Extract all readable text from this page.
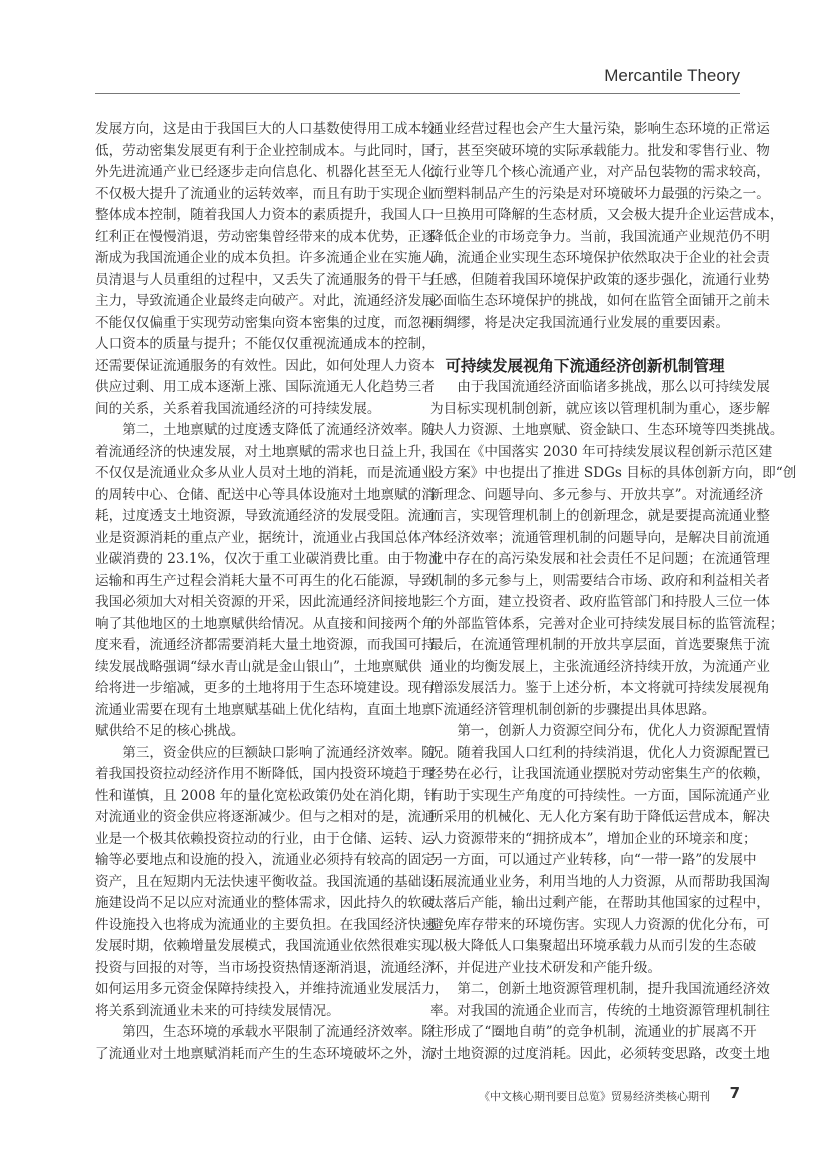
Mercantile Theory
发展方向，这是由于我国巨大的人口基数使得用工成本较
低，劳动密集发展更有利于企业控制成本。与此同时，国
外先进流通产业已经逐步走向信息化、机器化甚至无人化，
不仅极大提升了流通业的运转效率，而且有助于实现企业
整体成本控制，随着我国人力资本的素质提升，我国人口
红利正在慢慢消退，劳动密集曾经带来的成本优势，正逐
渐成为我国流通企业的成本负担。许多流通企业在实施人
员清退与人员重组的过程中，又丢失了流通服务的骨干与
主力，导致流通企业最终走向破产。对此，流通经济发展
不能仅仅偏重于实现劳动密集向资本密集的过度，而忽视
人口资本的质量与提升；不能仅仅重视流通成本的控制，
还需要保证流通服务的有效性。因此，如何处理人力资本
供应过剩、用工成本逐渐上涨、国际流通无人化趋势三者
间的关系，关系着我国流通经济的可持续发展。
第二，土地禀赋的过度透支降低了流通经济效率。随
着流通经济的快速发展，对土地禀赋的需求也日益上升，
不仅仅是流通业众多从业人员对土地的消耗，而是流通业
的周转中心、仓储、配送中心等具体设施对土地禀赋的消
耗，过度透支土地资源，导致流通经济的发展受阻。流通
业是资源消耗的重点产业，据统计，流通业占我国总体产
业碳消费的 23.1%，仅次于重工业碳消费比重。由于物流
运输和再生产过程会消耗大量不可再生的化石能源，导致
我国必须加大对相关资源的开采，因此流通经济间接地影
响了其他地区的土地禀赋供给情况。从直接和间接两个角
度来看，流通经济都需要消耗大量土地资源，而我国可持
续发展战略强调“绿水青山就是金山银山”，土地禀赋供
给将进一步缩减，更多的土地将用于生态环境建设。现有
流通业需要在现有土地禀赋基础上优化结构，直面土地禀
赋供给不足的核心挑战。
第三，资金供应的巨额缺口影响了流通经济效率。随
着我国投资拉动经济作用不断降低，国内投资环境趋于理
性和谨慎，且 2008 年的量化宽松政策仍处在消化期，针
对流通业的资金供应将逐渐减少。但与之相对的是，流通
业是一个极其依赖投资拉动的行业，由于仓储、运转、运
输等必要地点和设施的投入，流通业必须持有较高的固定
资产，且在短期内无法快速平衡收益。我国流通的基础设
施建设尚不足以应对流通业的整体需求，因此持久的软硬
件设施投入也将成为流通业的主要负担。在我国经济快速
发展时期，依赖增量发展模式，我国流通业依然很难实现
投资与回报的对等，当市场投资热情逐渐消退，流通经济
如何运用多元资金保障持续投入，并维持流通业发展活力，
将关系到流通业未来的可持续发展情况。
第四，生态环境的承载水平限制了流通经济效率。除
了流通业对土地禀赋消耗而产生的生态环境破坏之外，流
通业经营过程也会产生大量污染，影响生态环境的正常运
行，甚至突破环境的实际承载能力。批发和零售行业、物
流行业等几个核心流通产业，对产品包装物的需求较高，
而塑料制品产生的污染是对环境破坏力最强的污染之一。
一旦换用可降解的生态材质，又会极大提升企业运营成本，
降低企业的市场竞争力。当前，我国流通产业规范仍不明
确，流通企业实现生态环境保护依然取决于企业的社会责
任感，但随着我国环境保护政策的逐步强化，流通行业势
必面临生态环境保护的挑战，如何在监管全面铺开之前未
雨绸缪，将是决定我国流通行业发展的重要因素。
可持续发展视角下流通经济创新机制管理
由于我国流通经济面临诸多挑战，那么以可持续发展
为目标实现机制创新，就应该以管理机制为重心，逐步解
决人力资源、土地禀赋、资金缺口、生态环境等四类挑战。
我国在《中国落实 2030 年可持续发展议程创新示范区建
设方案》中也提出了推进 SDGs 目标的具体创新方向，即“创
新理念、问题导向、多元参与、开放共享”。对流通经济
而言，实现管理机制上的创新理念，就是要提高流通业整
体经济效率；流通管理机制的问题导向，是解决目前流通
业中存在的高污染发展和社会责任不足问题；在流通管理
机制的多元参与上，则需要结合市场、政府和利益相关者
三个方面，建立投资者、政府监管部门和持股人三位一体
的外部监管体系，完善对企业可持续发展目标的监管流程；
最后，在流通管理机制的开放共享层面，首选要聚焦于流
通业的均衡发展上，主张流通经济持续开放，为流通产业
增添发展活力。鉴于上述分析，本文将就可持续发展视角
下流通经济管理机制创新的步骤提出具体思路。
第一，创新人力资源空间分布，优化人力资源配置情
况。随着我国人口红利的持续消退，优化人力资源配置已
经势在必行，让我国流通业摆脱对劳动密集生产的依赖，
有助于实现生产角度的可持续性。一方面，国际流通产业
所采用的机械化、无人化方案有助于降低运营成本，解决
人力资源带来的“拥挤成本”，增加企业的环境亲和度；
另一方面，可以通过产业转移，向“一带一路”的发展中
拓展流通业业务，利用当地的人力资源，从而帮助我国淘
汰落后产能，输出过剩产能，在帮助其他国家的过程中，
避免库存带来的环境伤害。实现人力资源的优化分布，可
以极大降低人口集聚超出环境承载力从而引发的生态破
坏，并促进产业技术研发和产能升级。
第二，创新土地资源管理机制，提升我国流通经济效
率。对我国的流通企业而言，传统的土地资源管理机制往
往形成了“圈地自萌”的竞争机制，流通业的扩展离不开
对土地资源的过度消耗。因此，必须转变思路，改变土地
《中文核心期刊要目总览》贸易经济类核心期刊 7
